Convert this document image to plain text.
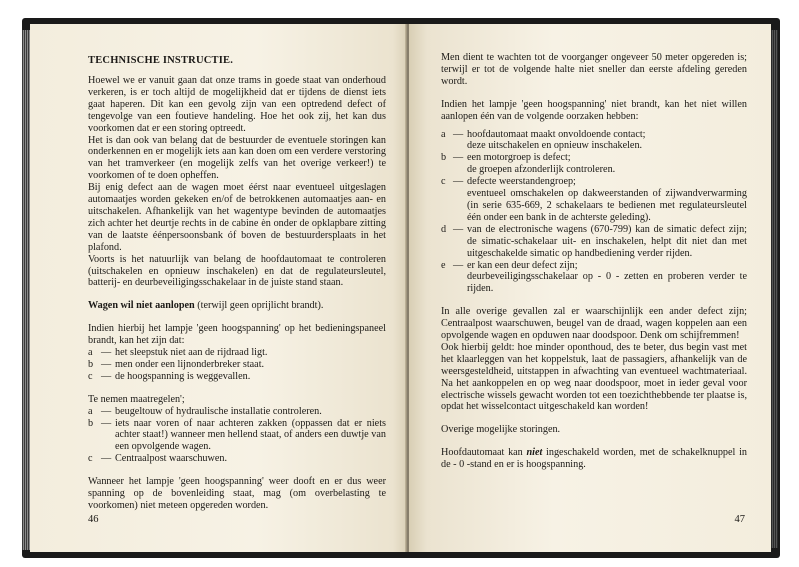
TECHNISCHE INSTRUCTIE.

Hoewel we er vanuit gaan dat onze trams in goede staat van onderhoud verkeren, is er toch altijd de mogelijkheid dat er tijdens de dienst iets gaat haperen. Dit kan een gevolg zijn van een optredend defect of tengevolge van een foutieve handeling. Hoe het ook zij, het kan dus voorkomen dat er een storing optreedt.

Het is dan ook van belang dat de bestuurder de eventuele storingen kan onderkennen en er mogelijk iets aan kan doen om een verdere verstoring van het tramverkeer (en mogelijk zelfs van het overige verkeer!) te voorkomen of te doen opheffen.

Bij enig defect aan de wagen moet éérst naar eventueel uitgeslagen automaatjes worden gekeken en/of de betrokkenen automaatjes aan- en uitschakelen. Afhankelijk van het wagentype bevinden de automaatjes zich achter het deurtje rechts in de cabine èn onder de opklapbare zitting van de laatste éénpersoonsbank óf boven de bestuurdersplaats in het plafond.

Voorts is het natuurlijk van belang de hoofdautomaat te controleren (uitschakelen en opnieuw inschakelen) en dat de regulateursleutel, batterij- en deurbeveiligingsschakelaar in de juiste stand staan.

Wagen wil niet aanlopen (terwijl geen oprijlicht brandt).

Indien hierbij het lampje 'geen hoogspanning' op het bedieningspaneel brandt, kan het zijn dat:

a — het sleepstuk niet aan de rijdraad ligt.
b — men onder een lijnonderbreker staat.
c — de hoogspanning is weggevallen.

Te nemen maatregelen';

a — beugeltouw of hydraulische installatie controleren.
b — iets naar voren of naar achteren zakken (oppassen dat er niets achter staat!) wanneer men hellend staat, of anders een duwtje van een opvolgende wagen.
c — Centraalpost waarschuwen.

Wanneer het lampje 'geen hoogspanning' weer dooft en er dus weer spanning op de bovenleiding staat, mag (om overbelasting te voorkomen) niet meteen opgereden worden.

46

Men dient te wachten tot de voorganger ongeveer 50 meter opgereden is; terwijl er tot de volgende halte niet sneller dan eerste afdeling gereden wordt.

Indien het lampje 'geen hoogspanning' niet brandt, kan het niet willen aanlopen één van de volgende oorzaken hebben:

a — hoofdautomaat maakt onvoldoende contact;
deze uitschakelen en opnieuw inschakelen.
b — een motorgroep is defect;
de groepen afzonderlijk controleren.
c — defecte weerstandengroep;
eventueel omschakelen op dakweerstanden of zijwandverwarming (in serie 635-669, 2 schakelaars te bedienen met regulateursleutel één onder een bank in de achterste geleding).
d — van de electronische wagens (670-799) kan de simatic defect zijn; de simatic-schakelaar uit- en inschakelen, helpt dit niet dan met uitgeschakelde simatic op handbediening verder rijden.
e — er kan een deur defect zijn;
deurbeveiligingsschakelaar op - 0 - zetten en proberen verder te rijden.

In alle overige gevallen zal er waarschijnlijk een ander defect zijn; Centraalpost waarschuwen, beugel van de draad, wagen koppelen aan een opvolgende wagen en opduwen naar doodspoor. Denk om schijfremmen!

Ook hierbij geldt: hoe minder oponthoud, des te beter, dus begin vast met het klaarleggen van het koppelstuk, laat de passagiers, afhankelijk van de weersgesteldheid, uitstappen in afwachting van eventueel wachtmateriaal. Na het aankoppelen en op weg naar doodspoor, moet in ieder geval voor electrische wissels gewacht worden tot een toezichthebbende ter plaatse is, opdat het wisselcontact uitgeschakeld kan worden!

Overige mogelijke storingen.

Hoofdautomaat kan niet ingeschakeld worden, met de schakelknuppel in de - 0 -stand en er is hoogspanning.

47
